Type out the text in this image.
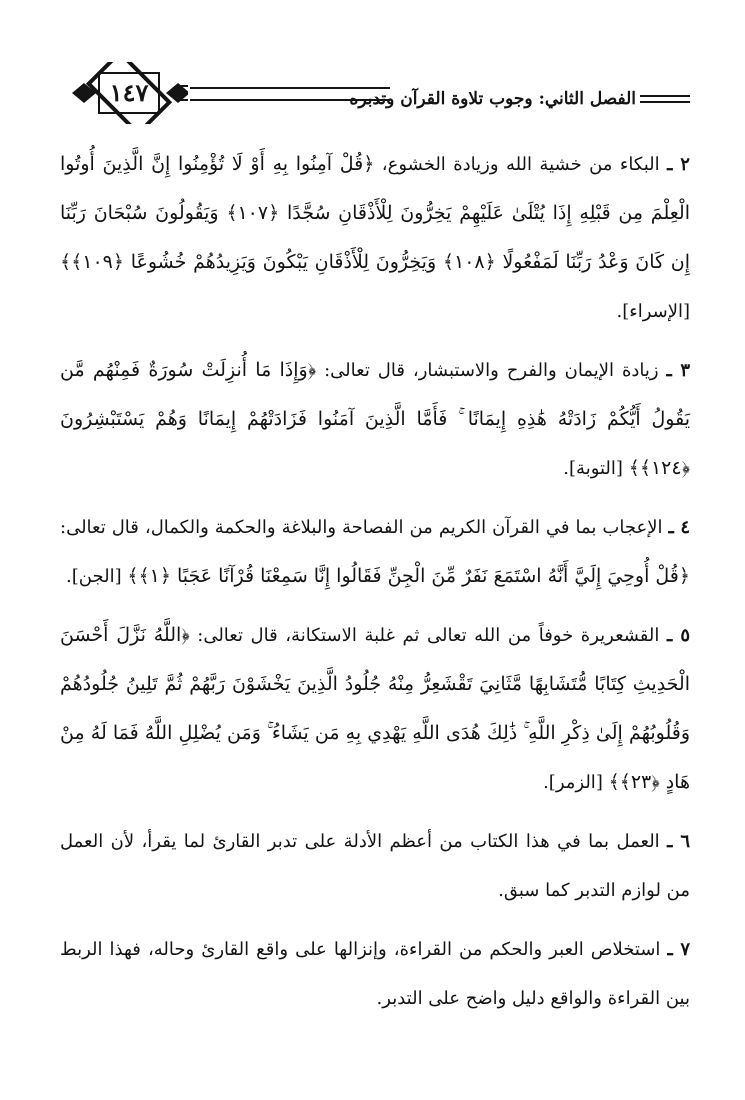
١٤٧	الفصل الثاني: وجوب تلاوة القرآن وتدبره

٢ ـ البكاء من خشية الله وزيادة الخشوع، ﴿قُلْ آمِنُوا بِهِ أَوْ لَا تُؤْمِنُوا إِنَّ الَّذِينَ أُوتُوا الْعِلْمَ مِن قَبْلِهِ إِذَا يُتْلَىٰ عَلَيْهِمْ يَخِرُّونَ لِلْأَذْقَانِ سُجَّدًا ﴿١٠٧﴾ وَيَقُولُونَ سُبْحَانَ رَبِّنَا إِن كَانَ وَعْدُ رَبِّنَا لَمَفْعُولًا ﴿١٠٨﴾ وَيَخِرُّونَ لِلْأَذْقَانِ يَبْكُونَ وَيَزِيدُهُمْ خُشُوعًا ﴿١٠٩﴾﴾ [الإسراء].

٣ ـ زيادة الإيمان والفرح والاستبشار، قال تعالى: ﴿وَإِذَا مَا أُنزِلَتْ سُورَةٌ فَمِنْهُم مَّن يَقُولُ أَيُّكُمْ زَادَتْهُ هَٰذِهِ إِيمَانًا ۚ فَأَمَّا الَّذِينَ آمَنُوا فَزَادَتْهُمْ إِيمَانًا وَهُمْ يَسْتَبْشِرُونَ ﴿١٢٤﴾﴾ [التوبة].

٤ ـ الإعجاب بما في القرآن الكريم من الفصاحة والبلاغة والحكمة والكمال، قال تعالى: ﴿قُلْ أُوحِيَ إِلَيَّ أَنَّهُ اسْتَمَعَ نَفَرٌ مِّنَ الْجِنِّ فَقَالُوا إِنَّا سَمِعْنَا قُرْآنًا عَجَبًا ﴿١﴾﴾ [الجن].

٥ ـ القشعريرة خوفاً من الله تعالى ثم غلبة الاستكانة، قال تعالى: ﴿اللَّهُ نَزَّلَ أَحْسَنَ الْحَدِيثِ كِتَابًا مُّتَشَابِهًا مَّثَانِيَ تَقْشَعِرُّ مِنْهُ جُلُودُ الَّذِينَ يَخْشَوْنَ رَبَّهُمْ ثُمَّ تَلِينُ جُلُودُهُمْ وَقُلُوبُهُمْ إِلَىٰ ذِكْرِ اللَّهِ ۚ ذَٰلِكَ هُدَى اللَّهِ يَهْدِي بِهِ مَن يَشَاءُ ۚ وَمَن يُضْلِلِ اللَّهُ فَمَا لَهُ مِنْ هَادٍ ﴿٢٣﴾﴾ [الزمر].

٦ ـ العمل بما في هذا الكتاب من أعظم الأدلة على تدبر القارئ لما يقرأ، لأن العمل من لوازم التدبر كما سبق.

٧ ـ استخلاص العبر والحكم من القراءة، وإنزالها على واقع القارئ وحاله، فهذا الربط بين القراءة والواقع دليل واضح على التدبر.
